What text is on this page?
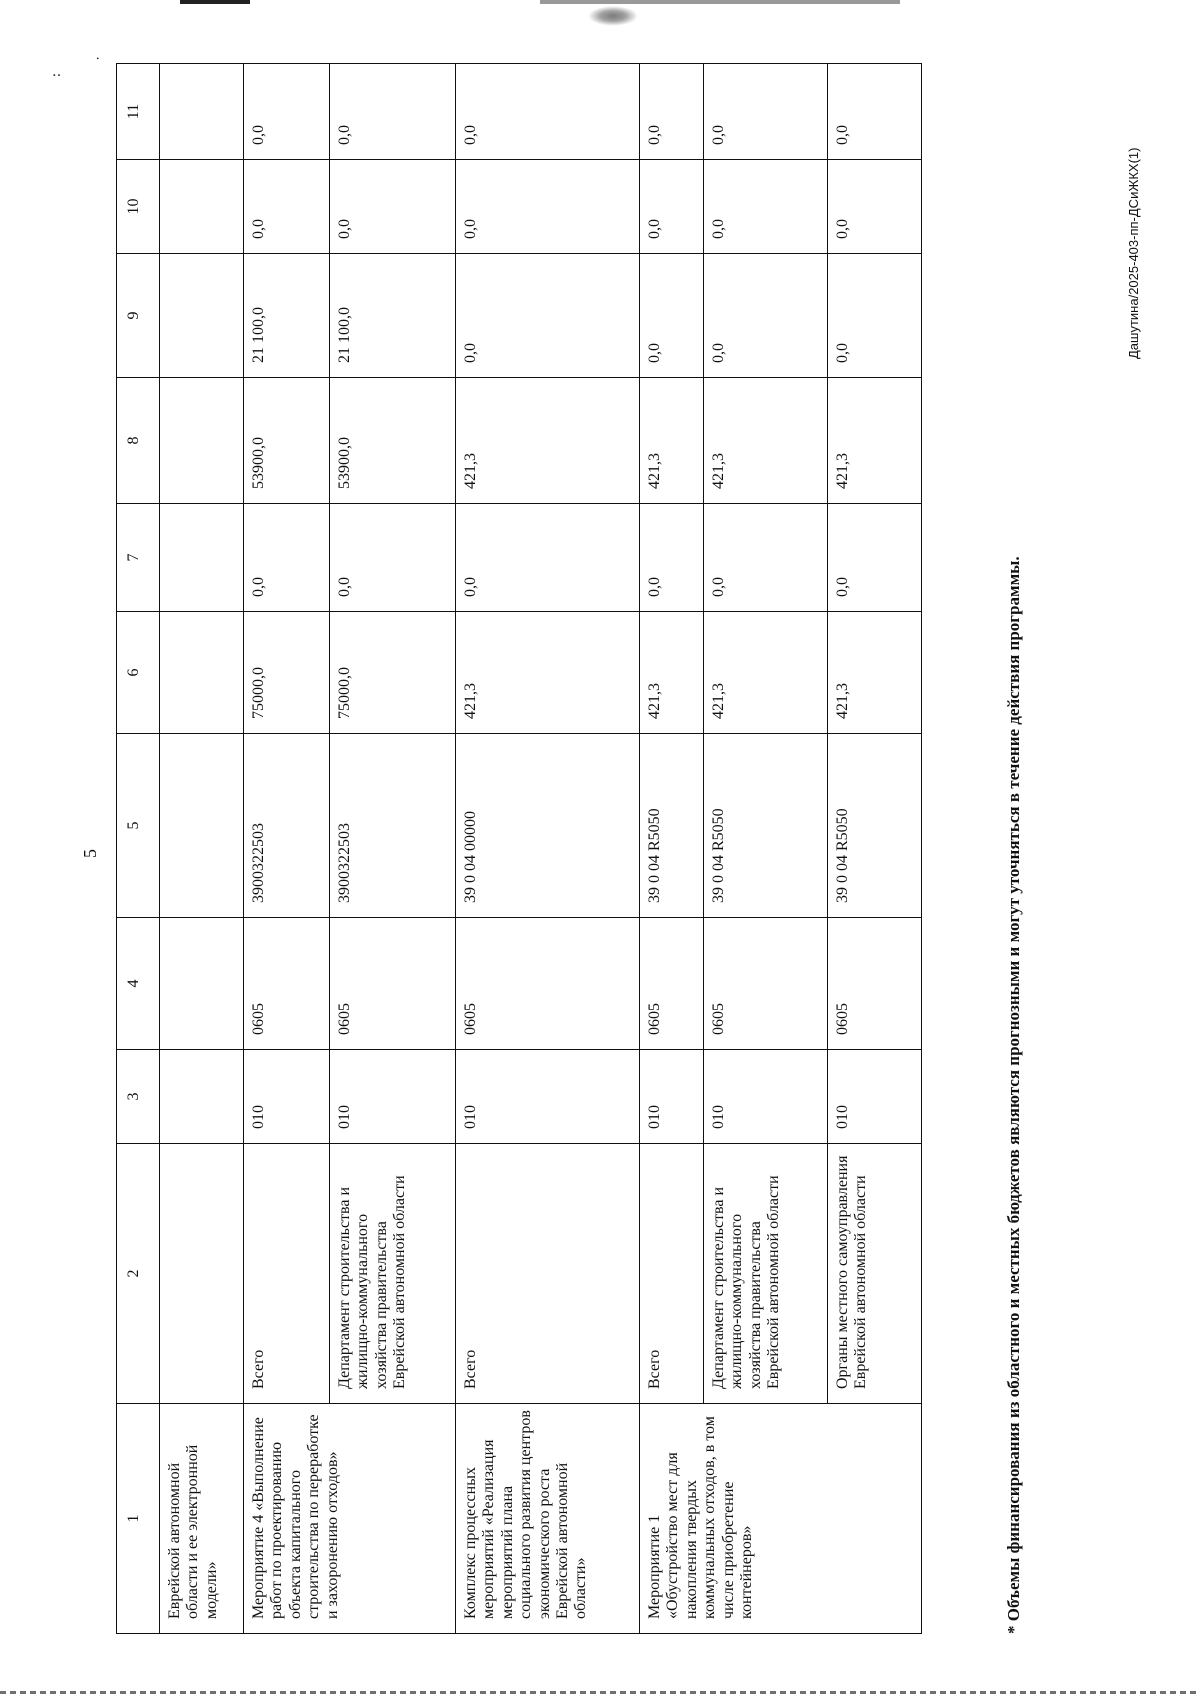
‥
∙
5
1	2	3	4	5	6	7	8	9	10	11
Еврейской автономной области и ее электронной модели»										
Мероприятие 4 «Выполнение работ по проектированию объекта капитального строительства по переработке и захоронению отходов»	Всего	010	0605	3900322503	75000,0	0,0	53900,0	21 100,0	0,0	0,0
	Департамент строительства и жилищно-коммунального хозяйства правительства Еврейской автономной области	010	0605	3900322503	75000,0	0,0	53900,0	21 100,0	0,0	0,0
Комплекс процессных мероприятий «Реализация мероприятий плана социального развития центров экономического роста Еврейской автономной области»	Всего	010	0605	39 0 04 00000	421,3	0,0	421,3	0,0	0,0	0,0
Мероприятие 1 «Обустройство мест для накопления твердых коммунальных отходов, в том числе приобретение контейнеров»	Всего	010	0605	39 0 04 R5050	421,3	0,0	421,3	0,0	0,0	0,0
	Департамент строительства и жилищно-коммунального хозяйства правительства Еврейской автономной области	010	0605	39 0 04 R5050	421,3	0,0	421,3	0,0	0,0	0,0
	Органы местного самоуправления Еврейской автономной области	010	0605	39 0 04 R5050	421,3	0,0	421,3	0,0	0,0	0,0
* Объемы финансирования из областного и местных бюджетов являются прогнозными и могут уточняться в течение действия программы.
Дашутина/2025-403-пп-ДСиЖКХ(1)
